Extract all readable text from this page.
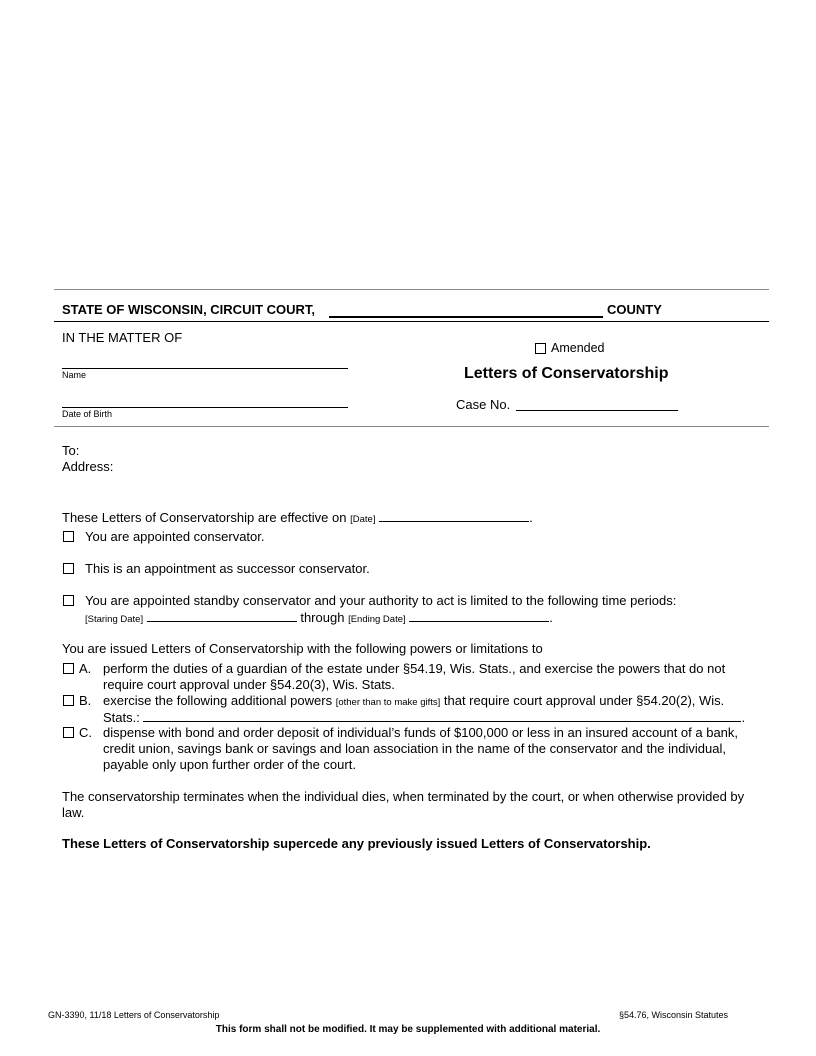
STATE OF WISCONSIN, CIRCUIT COURT,	COUNTY
IN THE MATTER OF
Name
Date of Birth
Amended
Letters of Conservatorship
Case No.
To:
Address:
These Letters of Conservatorship are effective on [Date]	.
You are appointed conservator.
This is an appointment as successor conservator.
You are appointed standby conservator and your authority to act is limited to the following time periods:
[Staring Date]	through [Ending Date]	.
You are issued Letters of Conservatorship with the following powers or limitations to
A. perform the duties of a guardian of the estate under §54.19, Wis. Stats., and exercise the powers that do not
require court approval under §54.20(3), Wis. Stats.
B. exercise the following additional powers [other than to make gifts] that require court approval under §54.20(2), Wis.
Stats.:	.
C. dispense with bond and order deposit of individual’s funds of $100,000 or less in an insured account of a bank,
credit union, savings bank or savings and loan association in the name of the conservator and the individual,
payable only upon further order of the court.
The conservatorship terminates when the individual dies, when terminated by the court, or when otherwise provided by
law.
These Letters of Conservatorship supercede any previously issued Letters of Conservatorship.
GN-3390, 11/18 Letters of Conservatorship	§54.76, Wisconsin Statutes
This form shall not be modified. It may be supplemented with additional material.
